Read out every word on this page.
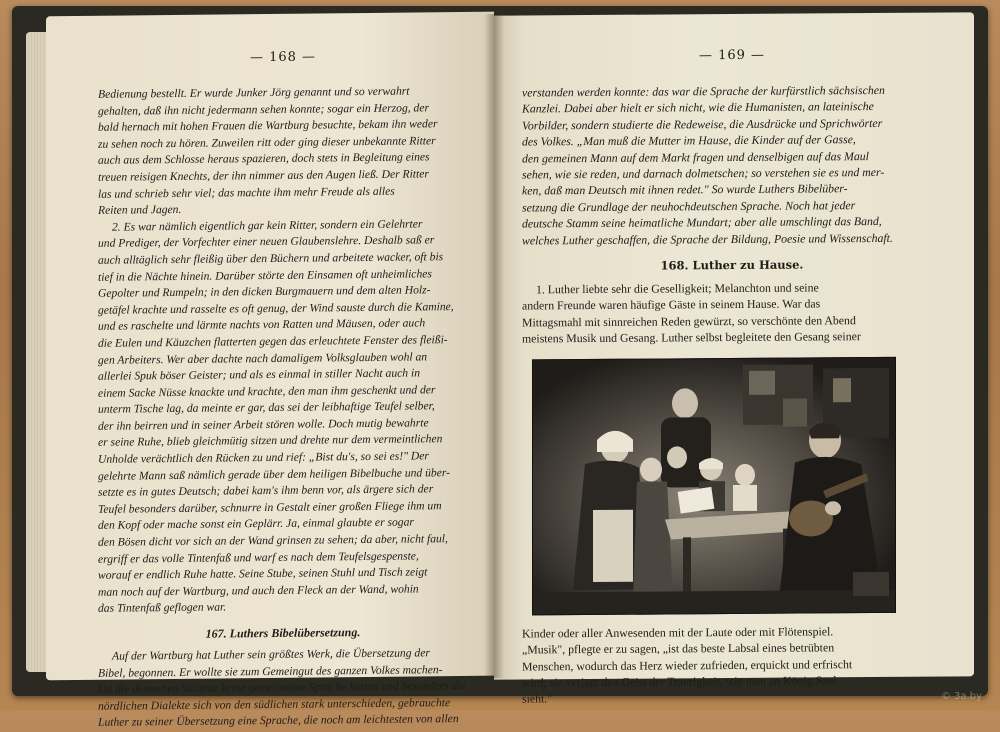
— 168 —
Bedienung bestellt. Er wurde Junker Jörg genannt und so verwahrt
gehalten, daß ihn nicht jedermann sehen konnte; sogar ein Herzog, der
bald hernach mit hohen Frauen die Wartburg besuchte, bekam ihn weder
zu sehen noch zu hören. Zuweilen ritt oder ging dieser unbekannte Ritter
auch aus dem Schlosse heraus spazieren, doch stets in Begleitung eines
treuen reisigen Knechts, der ihn nimmer aus den Augen ließ. Der Ritter
las und schrieb sehr viel; das machte ihm mehr Freude als alles
Reiten und Jagen.
2. Es war nämlich eigentlich gar kein Ritter, sondern ein Gelehrter
und Prediger, der Vorfechter einer neuen Glaubenslehre. Deshalb saß er
auch alltäglich sehr fleißig über den Büchern und arbeitete wacker, oft bis
tief in die Nächte hinein. Darüber störte den Einsamen oft unheimliches
Gepolter und Rumpeln; in den dicken Burgmauern und dem alten Holz-
getäfel krachte und rasselte es oft genug, der Wind sauste durch die Kamine,
und es raschelte und lärmte nachts von Ratten und Mäusen, oder auch
die Eulen und Käuzchen flatterten gegen das erleuchtete Fenster des fleißi-
gen Arbeiters. Wer aber dachte nach damaligem Volksglauben wohl an
allerlei Spuk böser Geister; und als es einmal in stiller Nacht auch in
einem Sacke Nüsse knackte und krachte, den man ihm geschenkt und der
unterm Tische lag, da meinte er gar, das sei der leibhaftige Teufel selber,
der ihn beirren und in seiner Arbeit stören wolle. Doch mutig bewahrte
er seine Ruhe, blieb gleichmütig sitzen und drehte nur dem vermeintlichen
Unholde verächtlich den Rücken zu und rief: „Bist du's, so sei es!" Der
gelehrte Mann saß nämlich gerade über dem heiligen Bibelbuche und über-
setzte es in gutes Deutsch; dabei kam's ihm benn vor, als ärgere sich der
Teufel besonders darüber, schnurre in Gestalt einer großen Fliege ihm um
den Kopf oder mache sonst ein Geplärr. Ja, einmal glaubte er sogar
den Bösen dicht vor sich an der Wand grinsen zu sehen; da aber, nicht faul,
ergriff er das volle Tintenfaß und warf es nach dem Teufelsgespenste,
worauf er endlich Ruhe hatte. Seine Stube, seinen Stuhl und Tisch zeigt
man noch auf der Wartburg, und auch den Fleck an der Wand, wohin
das Tintenfaß geflogen war.
167. Luthers Bibelübersetzung.
Auf der Wartburg hat Luther sein größtes Werk, die Übersetzung der
Bibel, begonnen. Er wollte sie zum Gemeingut des ganzen Volkes machen-
Da die deutschen Stämme keine gemeinsame Sprache hatten und besonders die
nördlichen Dialekte sich von den südlichen stark unterschieden, gebrauchte
Luther zu seiner Übersetzung eine Sprache, die noch am leichtesten von allen
— 169 —
verstanden werden konnte: das war die Sprache der kurfürstlich sächsischen
Kanzlei. Dabei aber hielt er sich nicht, wie die Humanisten, an lateinische
Vorbilder, sondern studierte die Redeweise, die Ausdrücke und Sprichwörter
des Volkes. „Man muß die Mutter im Hause, die Kinder auf der Gasse,
den gemeinen Mann auf dem Markt fragen und denselbigen auf das Maul
sehen, wie sie reden, und darnach dolmetschen; so verstehen sie es und mer-
ken, daß man Deutsch mit ihnen redet." So wurde Luthers Bibelüber-
setzung die Grundlage der neuhochdeutschen Sprache. Noch hat jeder
deutsche Stamm seine heimatliche Mundart; aber alle umschlingt das Band,
welches Luther geschaffen, die Sprache der Bildung, Poesie und Wissenschaft.
168. Luther zu Hause.
1. Luther liebte sehr die Geselligkeit; Melanchton und seine
andern Freunde waren häufige Gäste in seinem Hause. War das
Mittagsmahl mit sinnreichen Reden gewürzt, so verschönte den Abend
meistens Musik und Gesang. Luther selbst begleitete den Gesang seiner
Kinder oder aller Anwesenden mit der Laute oder mit Flötenspiel.
„Musik", pflegte er zu sagen, „ist das beste Labsal eines betrübten
Menschen, wodurch das Herz wieder zufrieden, erquickt und erfrischt
wird; sie verjagt den Geist der Traurigkeit, wie man an König Saul
sieht."	© 3a.by
